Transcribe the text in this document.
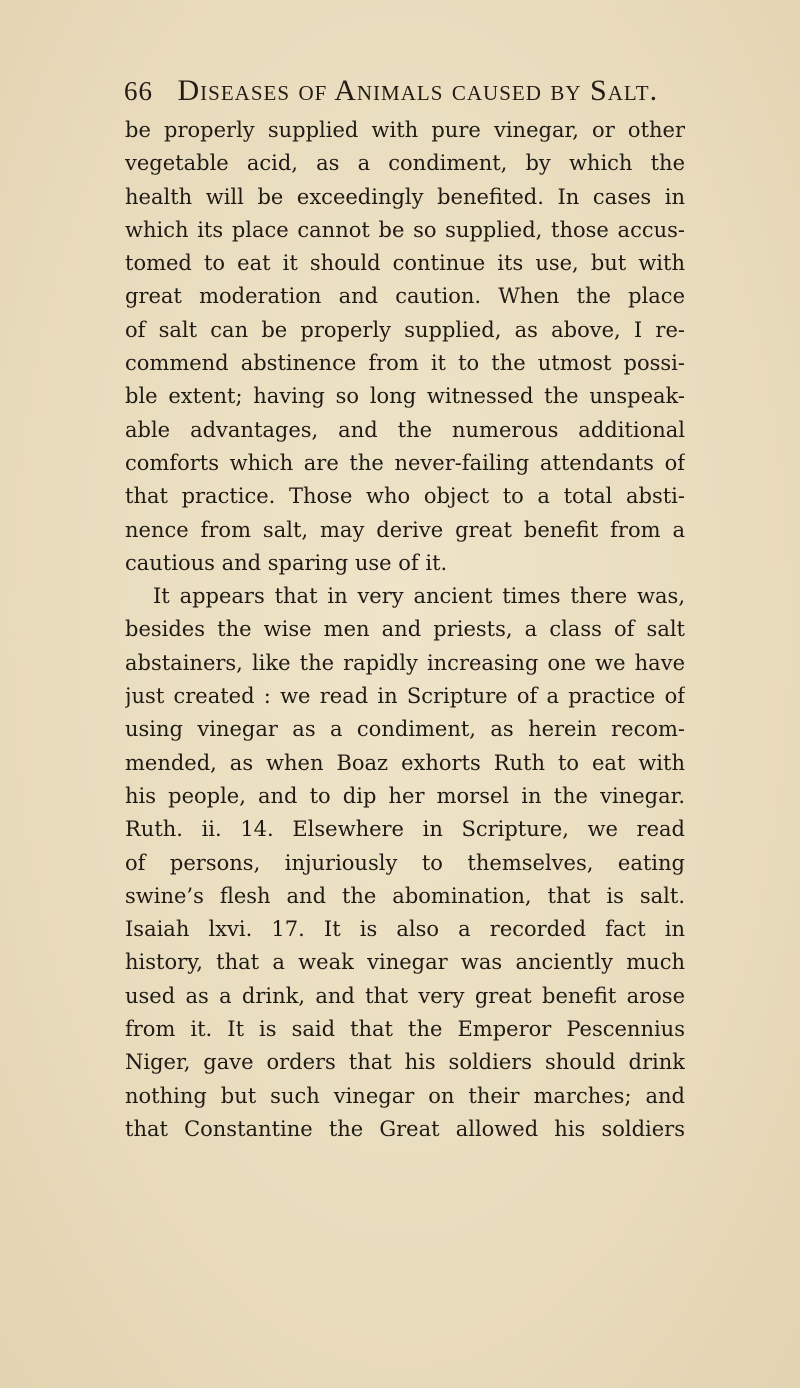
66 Diseases of Animals caused by Salt.
be properly supplied with pure vinegar, or other
vegetable acid, as a condiment, by which the
health will be exceedingly benefited. In cases in
which its place cannot be so supplied, those accus-
tomed to eat it should continue its use, but with
great moderation and caution. When the place
of salt can be properly supplied, as above, I re-
commend abstinence from it to the utmost possi-
ble extent; having so long witnessed the unspeak-
able advantages, and the numerous additional
comforts which are the never-failing attendants of
that practice. Those who object to a total absti-
nence from salt, may derive great benefit from a
cautious and sparing use of it.
It appears that in very ancient times there was,
besides the wise men and priests, a class of salt
abstainers, like the rapidly increasing one we have
just created : we read in Scripture of a practice of
using vinegar as a condiment, as herein recom-
mended, as when Boaz exhorts Ruth to eat with
his people, and to dip her morsel in the vinegar.
Ruth. ii. 14. Elsewhere in Scripture, we read
of persons, injuriously to themselves, eating
swine’s flesh and the abomination, that is salt.
Isaiah lxvi. 17. It is also a recorded fact in
history, that a weak vinegar was anciently much
used as a drink, and that very great benefit arose
from it. It is said that the Emperor Pescennius
Niger, gave orders that his soldiers should drink
nothing but such vinegar on their marches; and
that Constantine the Great allowed his soldiers
